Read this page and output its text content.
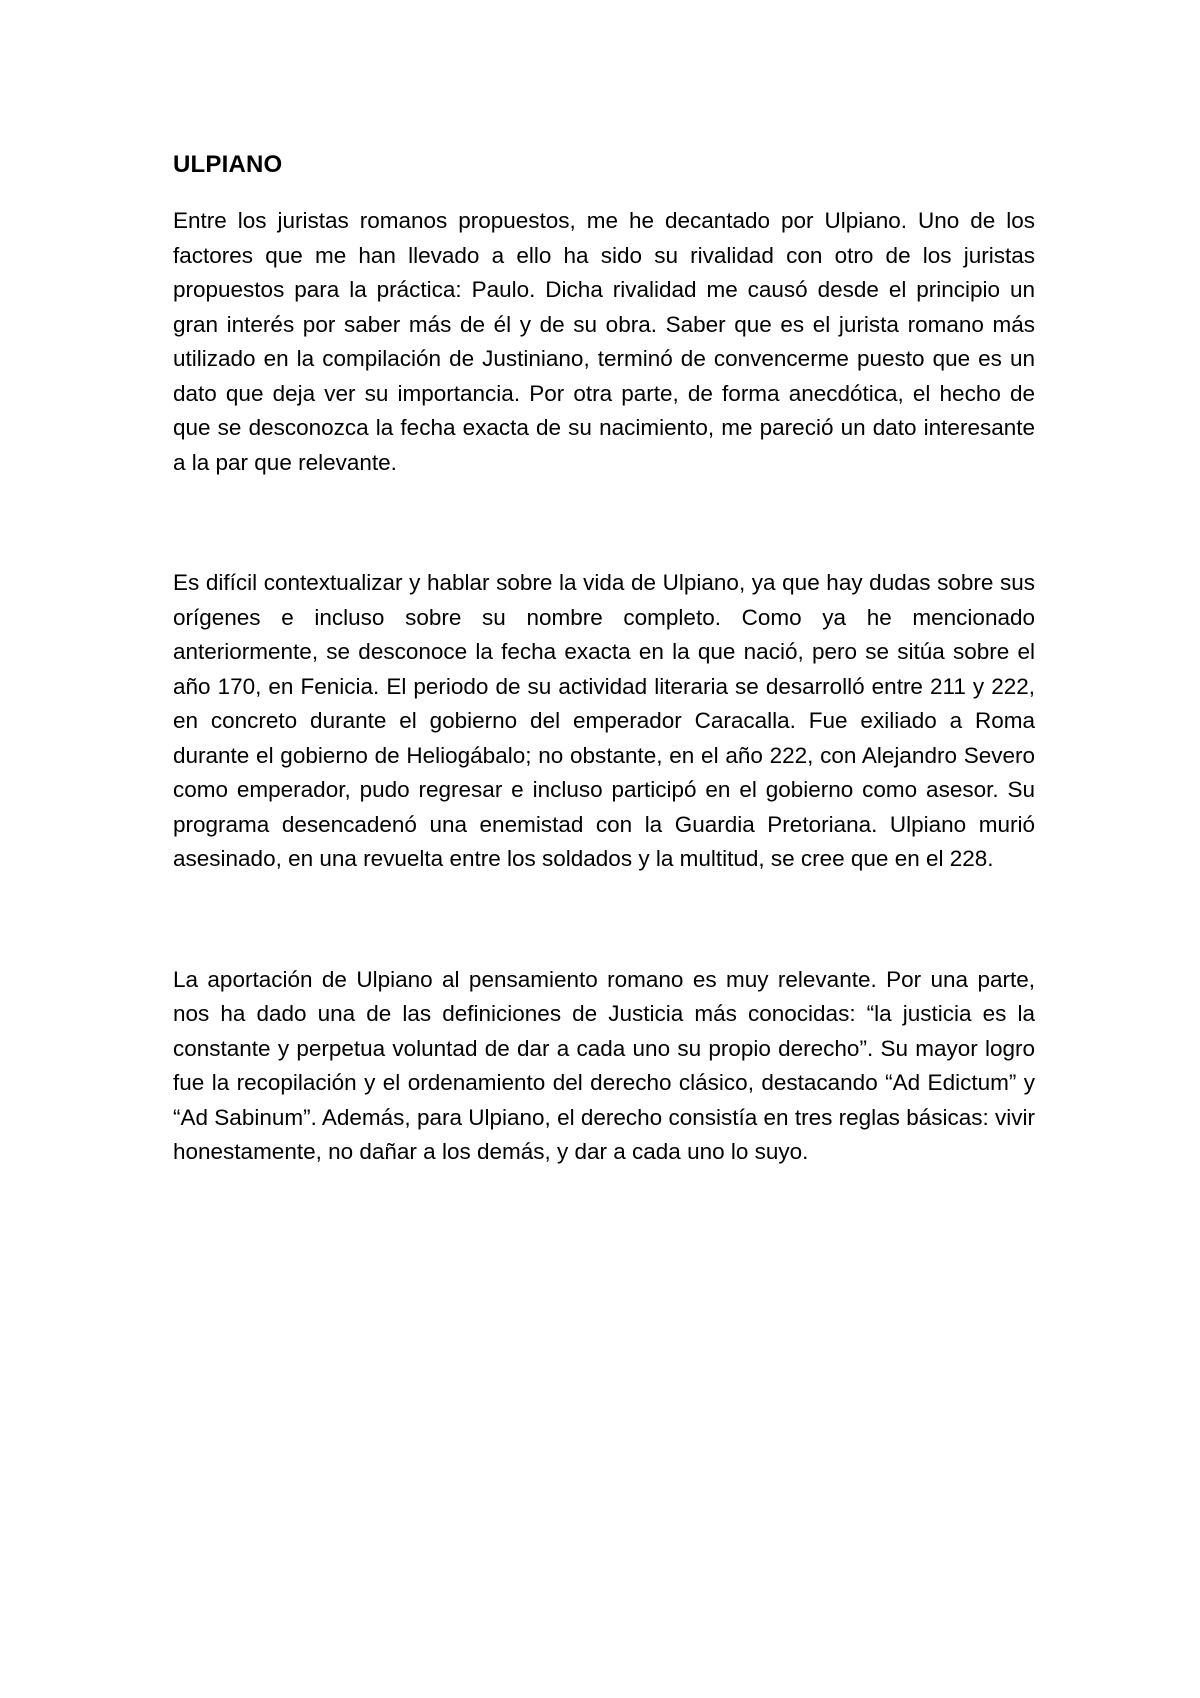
ULPIANO

Entre los juristas romanos propuestos, me he decantado por Ulpiano. Uno de los factores que me han llevado a ello ha sido su rivalidad con otro de los juristas propuestos para la práctica: Paulo. Dicha rivalidad me causó desde el principio un gran interés por saber más de él y de su obra. Saber que es el jurista romano más utilizado en la compilación de Justiniano, terminó de convencerme puesto que es un dato que deja ver su importancia. Por otra parte, de forma anecdótica, el hecho de que se desconozca la fecha exacta de su nacimiento, me pareció un dato interesante a la par que relevante.

Es difícil contextualizar y hablar sobre la vida de Ulpiano, ya que hay dudas sobre sus orígenes e incluso sobre su nombre completo. Como ya he mencionado anteriormente, se desconoce la fecha exacta en la que nació, pero se sitúa sobre el año 170, en Fenicia. El periodo de su actividad literaria se desarrolló entre 211 y 222, en concreto durante el gobierno del emperador Caracalla. Fue exiliado a Roma durante el gobierno de Heliogábalo; no obstante, en el año 222, con Alejandro Severo como emperador, pudo regresar e incluso participó en el gobierno como asesor. Su programa desencadenó una enemistad con la Guardia Pretoriana. Ulpiano murió asesinado, en una revuelta entre los soldados y la multitud, se cree que en el 228.

La aportación de Ulpiano al pensamiento romano es muy relevante. Por una parte, nos ha dado una de las definiciones de Justicia más conocidas: “la justicia es la constante y perpetua voluntad de dar a cada uno su propio derecho”. Su mayor logro fue la recopilación y el ordenamiento del derecho clásico, destacando “Ad Edictum” y “Ad Sabinum”. Además, para Ulpiano, el derecho consistía en tres reglas básicas: vivir honestamente, no dañar a los demás, y dar a cada uno lo suyo.
